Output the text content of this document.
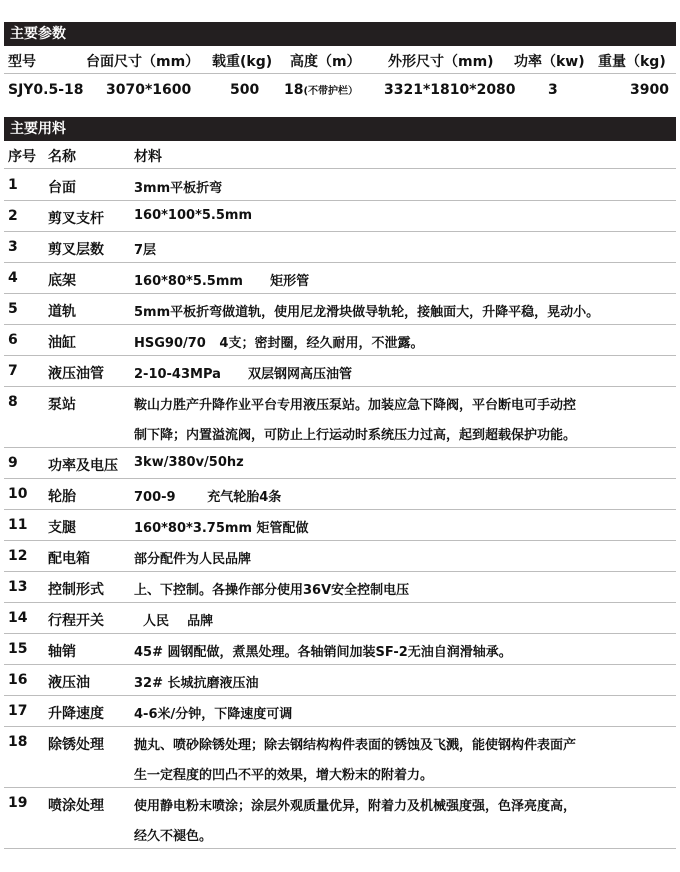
主要参数
型号	台面尺寸（mm） 载重(kg) 高度（m） 外形尺寸（mm) 功率（kw) 重量（kg)
SJY0.5-18 3070*1600	500 18(不带护栏） 3321*1810*2080 3	3900
主要用料
序号 名称	材料
1 台面	3mm平板折弯
2 剪叉支杆 160*100*5.5mm
3 剪叉层数 7层
4 底架	160*80*5.5mm      矩形管
5 道轨	5mm平板折弯做道轨，使用尼龙滑块做导轨轮，接触面大，升降平稳，晃动小。
6 油缸	HSG90/70   4支；密封圈，经久耐用，不泄露。
7 液压油管 2-10-43MPa      双层钢网高压油管
8 泵站	鞍山力胜产升降作业平台专用液压泵站。加装应急下降阀，平台断电可手动控
制下降；内置溢流阀，可防止上行运动时系统压力过高，起到超载保护功能。
9 功率及电压 3kw/380v/50hz
10 轮胎	700-9       充气轮胎4条
11 支腿	160*80*3.75mm 矩管配做
12 配电箱	部分配件为人民品牌
13 控制形式 上、下控制。各操作部分使用36V安全控制电压
14 行程开关 人民    品牌
15 轴销	45# 圆钢配做，煮黑处理。各轴销间加装SF-2无油自润滑轴承。
16 液压油	32# 长城抗磨液压油
17 升降速度 4-6米/分钟，下降速度可调
18 除锈处理 抛丸、喷砂除锈处理；除去钢结构构件表面的锈蚀及飞溅，能使钢构件表面产
生一定程度的凹凸不平的效果，增大粉末的附着力。
19 喷涂处理 使用静电粉末喷涂；涂层外观质量优异，附着力及机械强度强，色泽亮度高，
经久不褪色。
